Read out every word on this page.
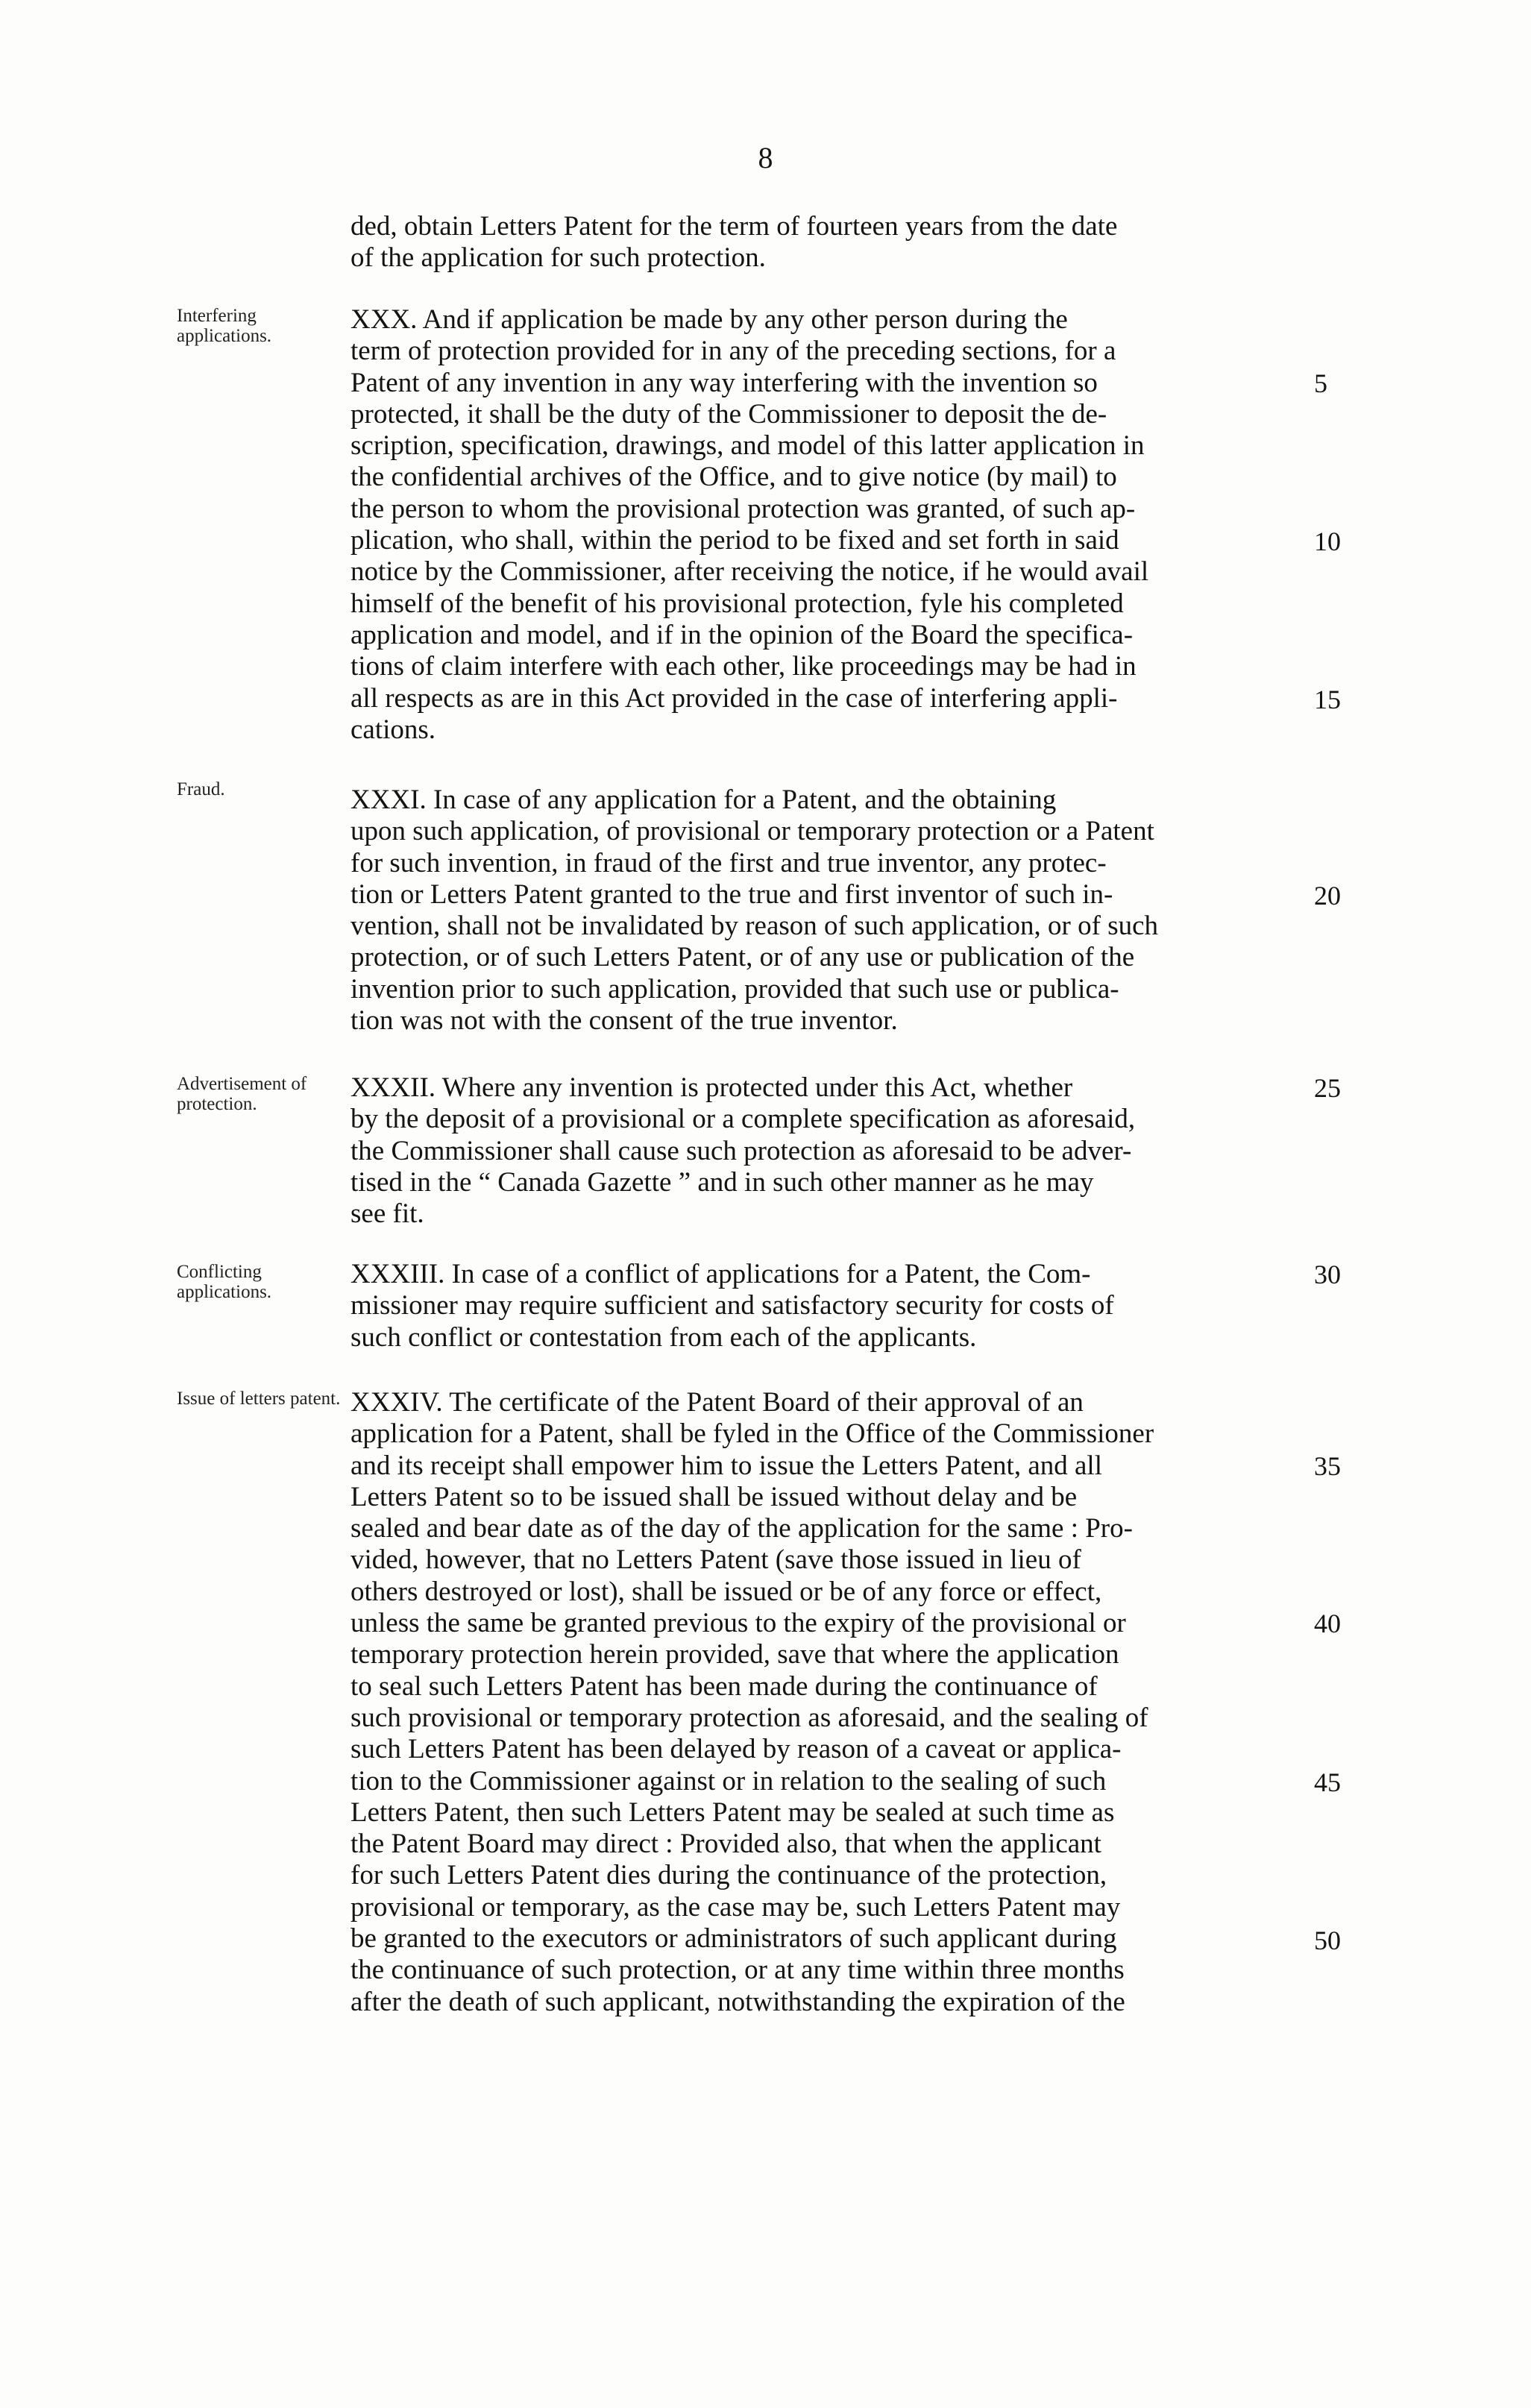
8
ded, obtain Letters Patent for the term of fourteen years from the date
of the application for such protection.
Interfering applications.
XXX. And if application be made by any other person during the
term of protection provided for in any of the preceding sections, for a
Patent of any invention in any way interfering with the invention so
protected, it shall be the duty of the Commissioner to deposit the de-
scription, specification, drawings, and model of this latter application in
the confidential archives of the Office, and to give notice (by mail) to
the person to whom the provisional protection was granted, of such ap-
plication, who shall, within the period to be fixed and set forth in said
notice by the Commissioner, after receiving the notice, if he would avail
himself of the benefit of his provisional protection, fyle his completed
application and model, and if in the opinion of the Board the specifica-
tions of claim interfere with each other, like proceedings may be had in
all respects as are in this Act provided in the case of interfering appli-
cations.
Fraud.	XXXI. In case of any application for a Patent, and the obtaining
upon such application, of provisional or temporary protection or a Patent
for such invention, in fraud of the first and true inventor, any protec-
tion or Letters Patent granted to the true and first inventor of such in-
vention, shall not be invalidated by reason of such application, or of such
protection, or of such Letters Patent, or of any use or publication of the
invention prior to such application, provided that such use or publica-
tion was not with the consent of the true inventor.
Advertisement of protection.
XXXII. Where any invention is protected under this Act, whether
by the deposit of a provisional or a complete specification as aforesaid,
the Commissioner shall cause such protection as aforesaid to be adver-
tised in the “ Canada Gazette ” and in such other manner as he may
see fit.
Conflicting applications.
XXXIII. In case of a conflict of applications for a Patent, the Com-
missioner may require sufficient and satisfactory security for costs of
such conflict or contestation from each of the applicants.
Issue of letters patent. XXXIV. The certificate of the Patent Board of their approval of an
application for a Patent, shall be fyled in the Office of the Commissioner
and its receipt shall empower him to issue the Letters Patent, and all
Letters Patent so to be issued shall be issued without delay and be
sealed and bear date as of the day of the application for the same : Pro-
vided, however, that no Letters Patent (save those issued in lieu of
others destroyed or lost), shall be issued or be of any force or effect,
unless the same be granted previous to the expiry of the provisional or
temporary protection herein provided, save that where the application
to seal such Letters Patent has been made during the continuance of
such provisional or temporary protection as aforesaid, and the sealing of
such Letters Patent has been delayed by reason of a caveat or applica-
tion to the Commissioner against or in relation to the sealing of such
Letters Patent, then such Letters Patent may be sealed at such time as
the Patent Board may direct : Provided also, that when the applicant
for such Letters Patent dies during the continuance of the protection,
provisional or temporary, as the case may be, such Letters Patent may
be granted to the executors or administrators of such applicant during
the continuance of such protection, or at any time within three months
after the death of such applicant, notwithstanding the expiration of the
5
10
15
20
25
30
35
40
45
50
